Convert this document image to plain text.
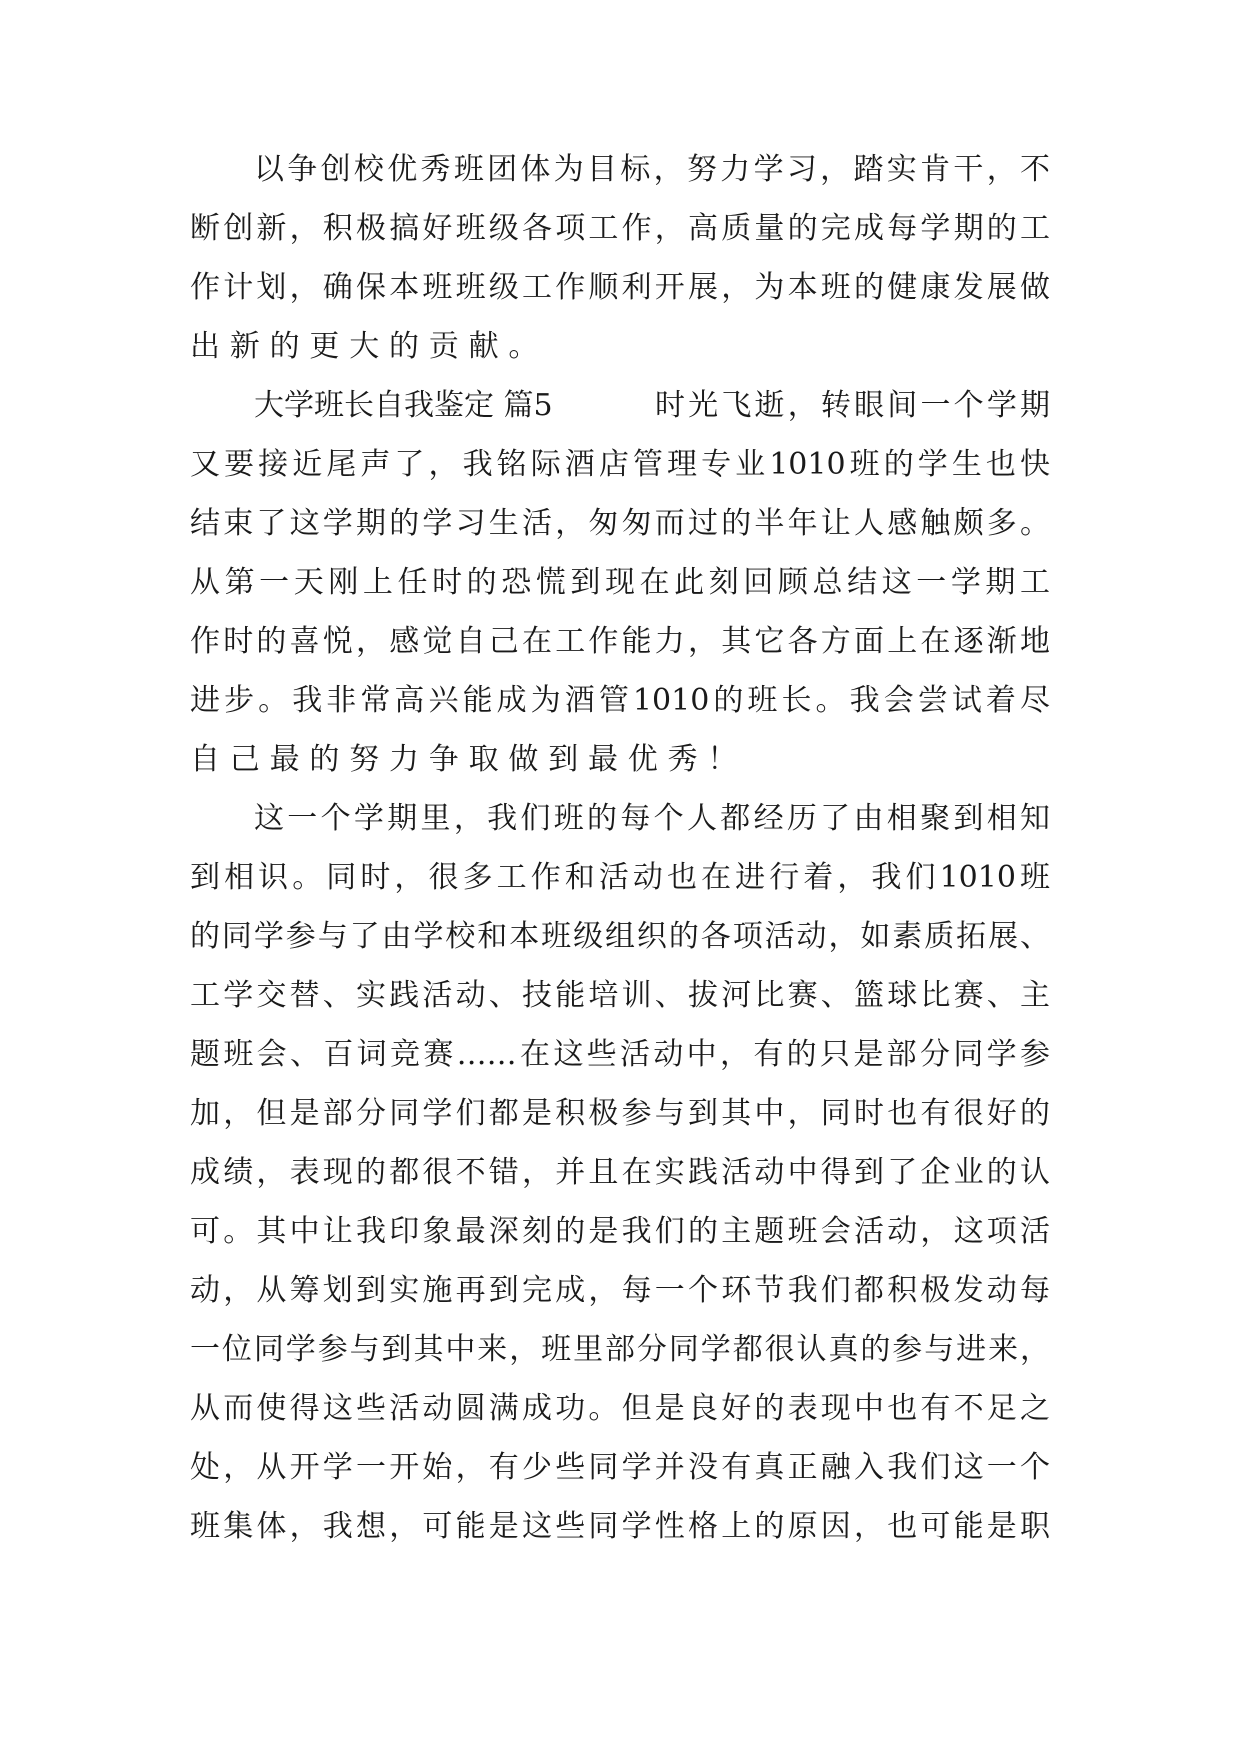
以争创校优秀班团体为目标，努力学习，踏实肯干，不
断创新，积极搞好班级各项工作，高质量的完成每学期的工
作计划，确保本班班级工作顺利开展，为本班的健康发展做
出新的更大的贡献。
大学班长自我鉴定 篇5	时光飞逝，转眼间一个学期
又要接近尾声了，我铭际酒店管理专业1010班的学生也快
结束了这学期的学习生活，匆匆而过的半年让人感触颇多。
从第一天刚上任时的恐慌到现在此刻回顾总结这一学期工
作时的喜悦，感觉自己在工作能力，其它各方面上在逐渐地
进步。我非常高兴能成为酒管1010的班长。我会尝试着尽
自己最的努力争取做到最优秀！
这一个学期里，我们班的每个人都经历了由相聚到相知
到相识。同时，很多工作和活动也在进行着，我们1010班
的同学参与了由学校和本班级组织的各项活动，如素质拓展、
工学交替、实践活动、技能培训、拔河比赛、篮球比赛、主
题班会、百词竞赛……在这些活动中，有的只是部分同学参
加，但是部分同学们都是积极参与到其中，同时也有很好的
成绩，表现的都很不错，并且在实践活动中得到了企业的认
可。其中让我印象最深刻的是我们的主题班会活动，这项活
动，从筹划到实施再到完成，每一个环节我们都积极发动每
一位同学参与到其中来，班里部分同学都很认真的参与进来，
从而使得这些活动圆满成功。但是良好的表现中也有不足之
处，从开学一开始，有少些同学并没有真正融入我们这一个
班集体，我想，可能是这些同学性格上的原因，也可能是职
